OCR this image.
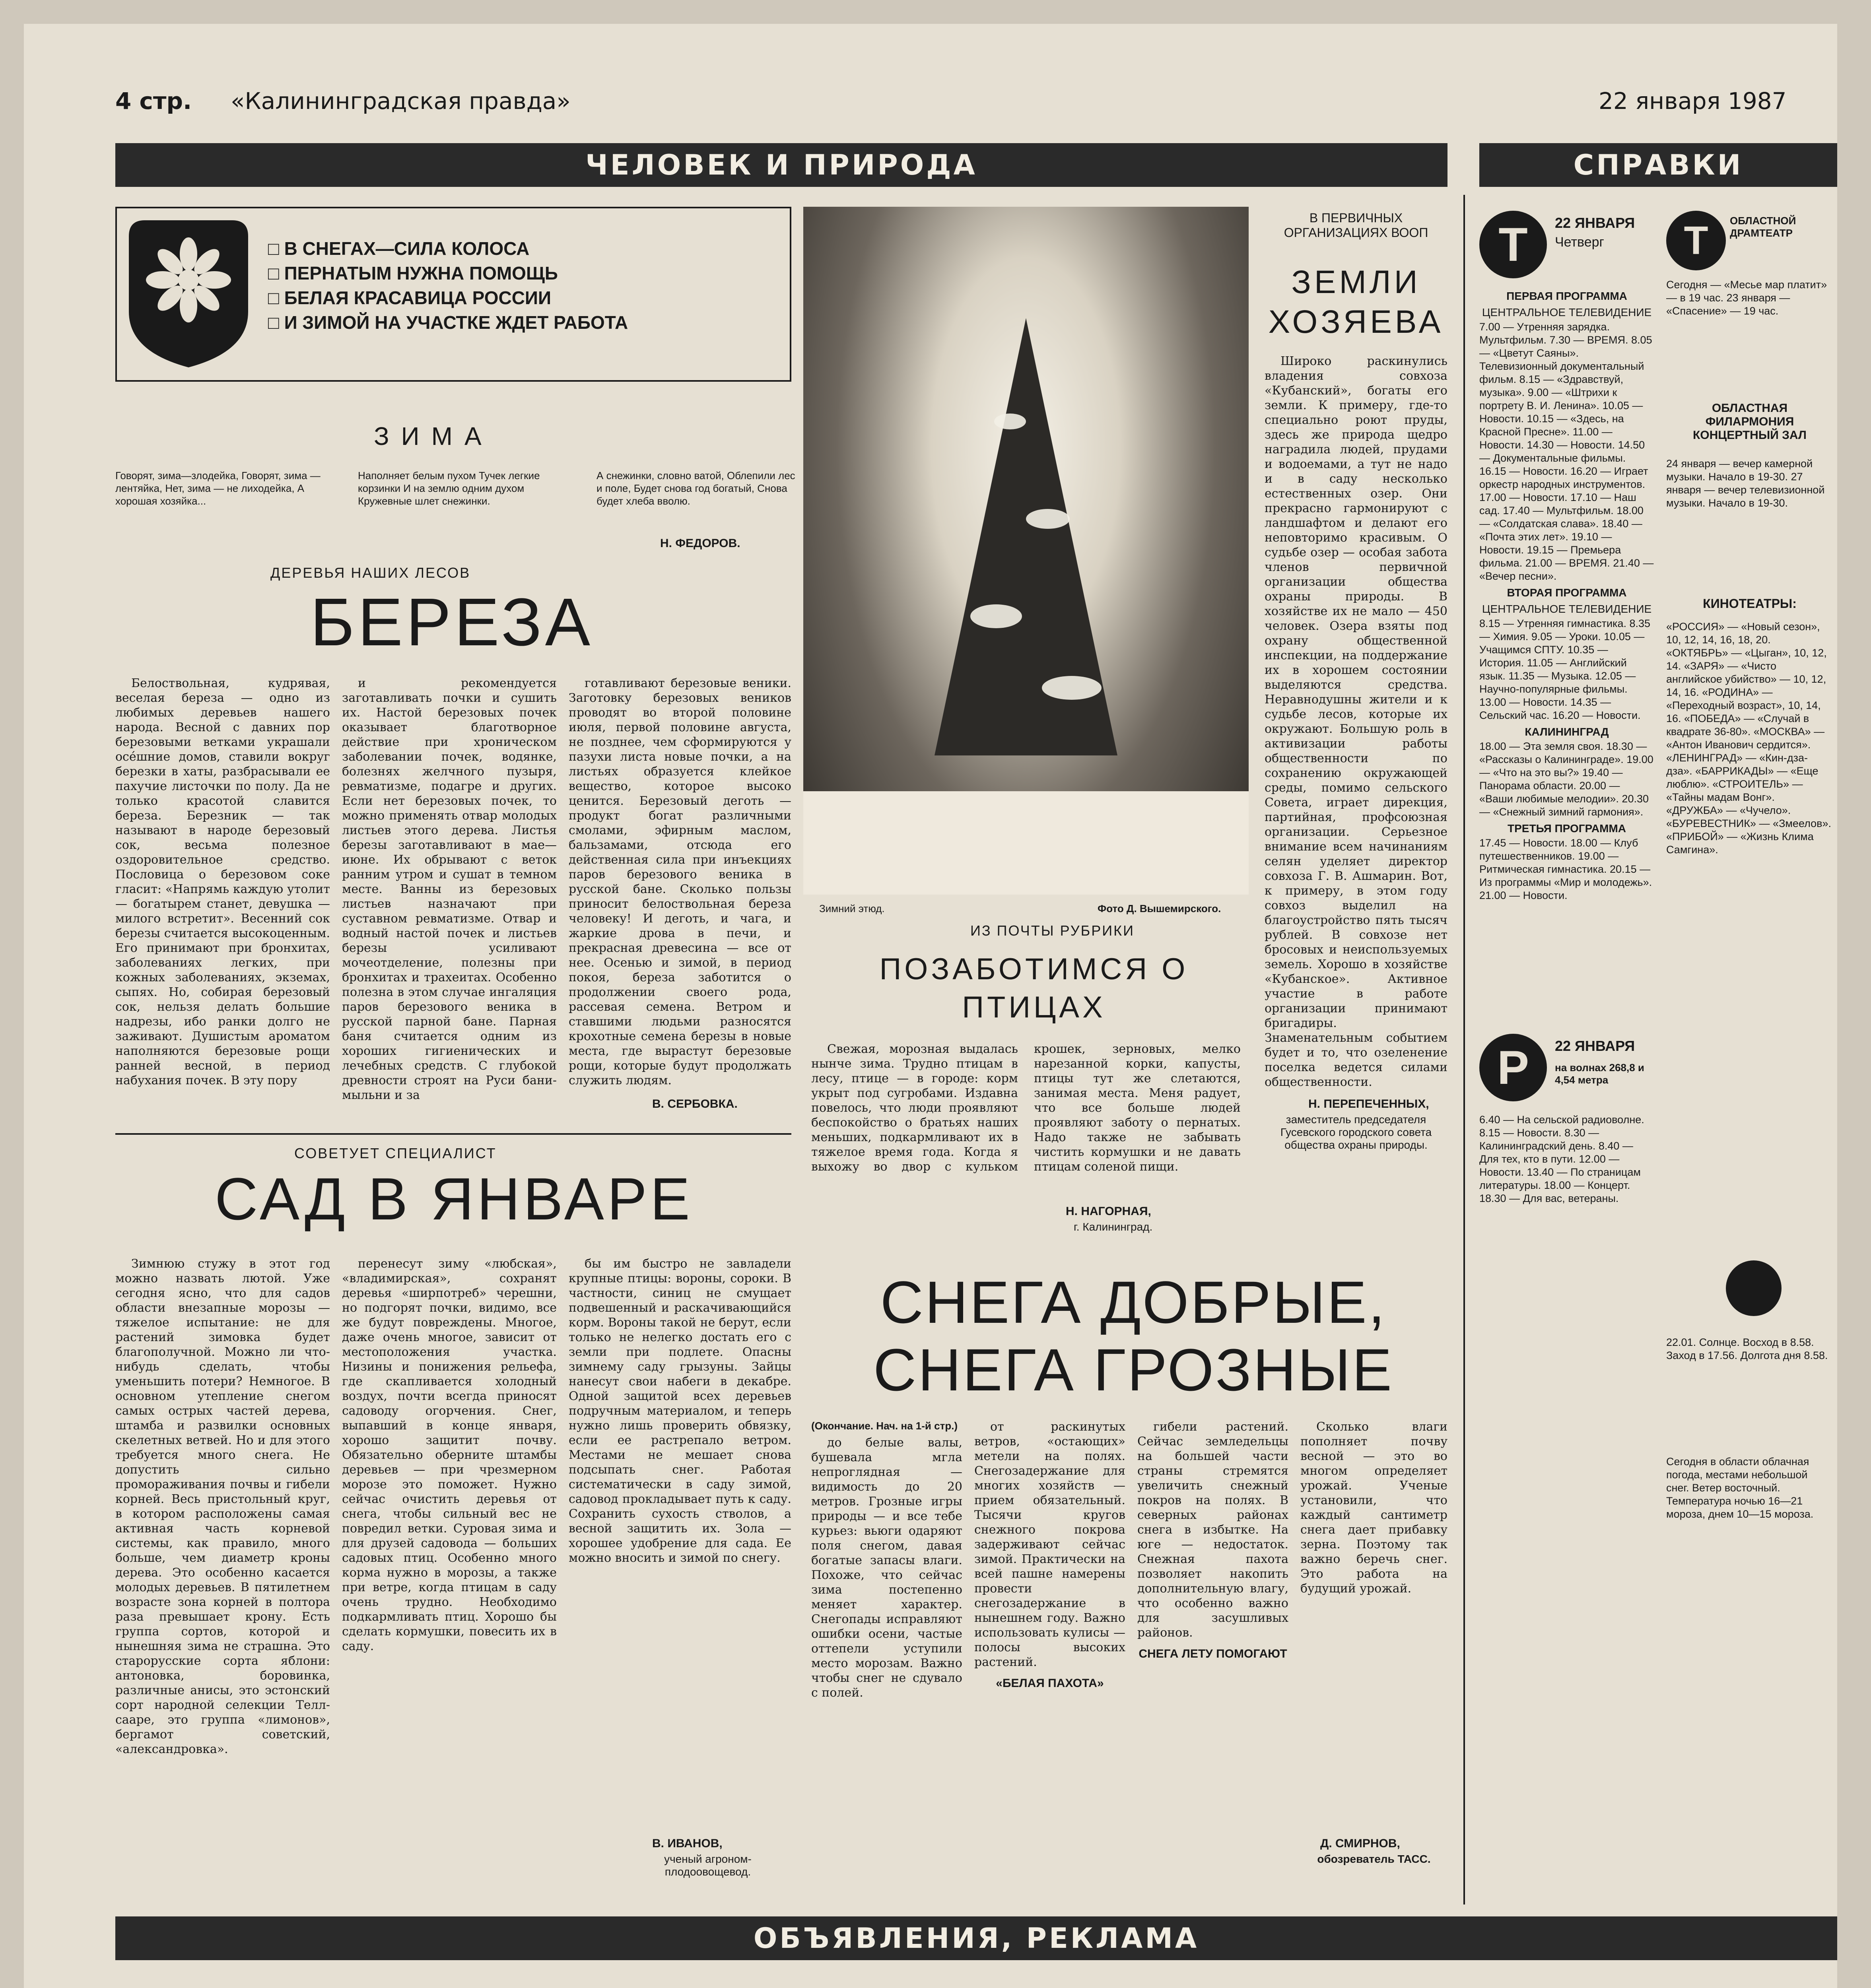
4 стр. «Калининградская правда»	22 января 1987
ЧЕЛОВЕК И ПРИРОДА	СПРАВКИ
□ В СНЕГАХ—СИЛА КОЛОСА
□ ПЕРНАТЫМ НУЖНА ПОМОЩЬ
□ БЕЛАЯ КРАСАВИЦА РОССИИ
□ И ЗИМОЙ НА УЧАСТКЕ ЖДЕТ РАБОТА
ЗИМА
Говорят, зима—злодейка, Говорят, зима — лентяйка, Нет, зима — не лиходейка, А хорошая хозяйка...
Наполняет белым пухом Тучек легкие корзинки И на землю одним духом Кружевные шлет снежинки.
А снежинки, словно ватой, Облепили лес и поле, Будет снова год богатый, Снова будет хлеба вволю.
Н. ФЕДОРОВ.
ДЕРЕВЬЯ НАШИХ ЛЕСОВ
БЕРЕЗА

Белоствольная, кудрявая, веселая береза — одно из любимых деревьев нашего народа. Весной с давних пор березовыми ветками украшали océшние домов, ставили вокруг березки в хаты, разбрасывали ее пахучие листочки по полу. Да не только красотой славится береза. Березник — так называют в народе березовый сок, весьма полезное оздоровительное средство. Пословица о березовом соке гласит: «Напрямь каждую утолит — богатырем станет, девушка — милого встретит». Весенний сок березы считается высокоценным. Его принимают при бронхитах, заболеваниях легких, при кожных заболеваниях, экземах, сыпях. Но, собирая березовый сок, нельзя делать большие надрезы, ибо ранки долго не заживают. Душистым ароматом наполняются березовые рощи ранней весной, в период набухания почек. В эту пору

и рекомендуется заготавливать почки и сушить их. Настой березовых почек оказывает благотворное действие при хроническом заболевании почек, водянке, болезнях желчного пузыря, ревматизме, подагре и других. Если нет березовых почек, то можно применять отвар молодых листьев этого дерева. Листья березы заготавливают в мае—июне. Их обрывают с веток ранним утром и сушат в темном месте. Ванны из березовых листьев назначают при суставном ревматизме. Отвар и водный настой почек и листьев березы усиливают мочеотделение, полезны при бронхитах и трахеитах. Особенно полезна в этом случае ингаляция паров березового веника в русской парной бане. Парная баня считается одним из хороших гигиенических и лечебных средств. С глубокой древности строят на Руси бани-мыльни и за

готавливают березовые веники. Заготовку березовых веников проводят во второй половине июля, первой половине августа, не позднее, чем сформируются у пазухи листа новые почки, а на листьях образуется клейкое вещество, которое высоко ценится. Березовый деготь — продукт богат различными смолами, эфирным маслом, бальзамами, отсюда его действенная сила при инъекциях паров березового веника в русской бане. Сколько пользы приносит белоствольная береза человеку! И деготь, и чага, и жаркие дрова в печи, и прекрасная древесина — все от нее. Осенью и зимой, в период покоя, береза заботится о продолжении своего рода, рассевая семена. Ветром и ставшими людьми разносятся крохотные семена березы в новые места, где вырастут березовые рощи, которые будут продолжать служить людям.

В. СЕРБОВКА.
СОВЕТУЕТ СПЕЦИАЛИСТ
САД В ЯНВАРЕ

Зимнюю стужу в этот год можно назвать лютой. Уже сегодня ясно, что для садов области внезапные морозы — тяжелое испытание: не для растений зимовка будет благополучной. Можно ли что-нибудь сделать, чтобы уменьшить потери? Немногое. В основном утепление снегом самых острых частей дерева, штамба и развилки основных скелетных ветвей. Но и для этого требуется много снега. Не допустить сильно промораживания почвы и гибели корней. Весь пристольный круг, в котором расположены самая активная часть корневой системы, как правило, много больше, чем диаметр кроны дерева. Это особенно касается молодых деревьев. В пятилетнем возрасте зона корней в полтора раза превышает крону. Есть группа сортов, которой и нынешняя зима не страшна. Это старорусские сорта яблони: антоновка, боровинка, различные анисы, это эстонский сорт народной селекции Телл-сааре, это группа «лимонов», бергамот советский, «александровка».

перенесут зиму «любская», «владимирская», сохранят деревья «ширпотреб» черешни, но подгорят почки, видимо, все же будут повреждены. Многое, даже очень многое, зависит от местоположения участка. Низины и понижения рельефа, где скапливается холодный воздух, почти всегда приносят садоводу огорчения. Снег, выпавший в конце января, хорошо защитит почву. Обязательно оберните штамбы деревьев — при чрезмерном морозе это поможет. Нужно сейчас очистить деревья от снега, чтобы сильный вес не повредил ветки. Суровая зима и для друзей садовода — больших садовых птиц. Особенно много корма нужно в морозы, а также при ветре, когда птицам в саду очень трудно. Необходимо подкармливать птиц. Хорошо бы сделать кормушки, повесить их в саду.

бы им быстро не завладели крупные птицы: вороны, сороки. В частности, синиц не смущает подвешенный и раскачивающийся корм. Вороны такой не берут, если только не нелегко достать его с земли при подлете. Опасны зимнему саду грызуны. Зайцы нанесут свои набеги в декабре. Одной защитой всех деревьев подручным материалом, и теперь нужно лишь проверить обвязку, если ее растрепало ветром. Местами не мешает снова подсыпать снег. Работая систематически в саду зимой, садовод прокладывает путь к саду. Сохранить сухость стволов, а весной защитить их. Зола — хорошее удобрение для сада. Ее можно вносить и зимой по снегу.

В. ИВАНОВ,
ученый агроном-плодоовощевод.
Зимний этюд.	Фото Д. Вышемирского.
В ПЕРВИЧНЫХ ОРГАНИЗАЦИЯХ ВООП
ЗЕМЛИ ХОЗЯЕВА

Широко раскинулись владения совхоза «Кубанский», богаты его земли. К примеру, где-то специально роют пруды, здесь же природа щедро наградила людей, прудами и водоемами, а тут не надо и в саду несколько естественных озер. Они прекрасно гармонируют с ландшафтом и делают его неповторимо красивым. О судьбе озер — особая забота членов первичной организации общества охраны природы. В хозяйстве их не мало — 450 человек. Озера взяты под охрану общественной инспекции, на поддержание их в хорошем состоянии выделяются средства. Неравнодушны жители и к судьбе лесов, которые их окружают. Большую роль в активизации работы общественности по сохранению окружающей среды, помимо сельского Совета, играет дирекция, партийная, профсоюзная организации. Серьезное внимание всем начинаниям селян уделяет директор совхоза Г. В. Ашмарин. Вот, к примеру, в этом году совхоз выделил на благоустройство пять тысяч рублей. В совхозе нет бросовых и неиспользуемых земель. Хорошо в хозяйстве «Кубанское». Активное участие в работе организации принимают бригадиры. Знаменательным событием будет и то, что озеленение поселка ведется силами общественности.

Н. ПЕРЕПЕЧЕННЫХ,
заместитель председателя Гусевского городского совета общества охраны природы.
ИЗ ПОЧТЫ РУБРИКИ
ПОЗАБОТИМСЯ О ПТИЦАХ

Свежая, морозная выдалась нынче зима. Трудно птицам в лесу, птице — в городе: корм укрыт под сугробами. Издавна повелось, что люди проявляют беспокойство о братьях наших меньших, подкармливают их в тяжелое время года. Когда я выхожу во двор с кульком крошек, зерновых, мелко нарезанной корки, капусты, птицы тут же слетаются, занимая места. Меня радует, что все больше людей проявляют заботу о пернатых. Надо также не забывать чистить кормушки и не давать птицам соленой пищи.

Н. НАГОРНАЯ,
г. Калининград.
СНЕГА ДОБРЫЕ, СНЕГА ГРОЗНЫЕ
(Окончание. Нач. на 1-й стр.)

до белые валы, бушевала мгла непроглядная — видимость до 20 метров. Грозные игры природы — и все тебе курьез: вьюги одаряют поля снегом, давая богатые запасы влаги. Похоже, что сейчас зима постепенно меняет характер. Снегопады исправляют ошибки осени, частые оттепели уступили место морозам. Важно чтобы снег не сдувало с полей.

от раскинутых ветров, «остающих» метели на полях. Снегозадержание для многих хозяйств — прием обязательный. Тысячи кругов снежного покрова задерживают сейчас зимой. Практически на всей пашне намерены провести снегозадержание в нынешнем году. Важно использовать кулисы — полосы высоких растений.

«БЕЛАЯ ПАХОТА»

гибели растений. Сейчас земледельцы на большей части страны стремятся увеличить снежный покров на полях. В северных районах снега в избытке. На юге — недостаток. Снежная пахота позволяет накопить дополнительную влагу, что особенно важно для засушливых районов.

СНЕГА ЛЕТУ ПОМОГАЮТ

Сколько влаги пополняет почву весной — это во многом определяет урожай. Ученые установили, что каждый сантиметр снега дает прибавку зерна. Поэтому так важно беречь снег. Это работа на будущий урожай.

Д. СМИРНОВ,
обозреватель ТАСС.
Т	22 ЯНВАРЯ
Четверг
ПЕРВАЯ ПРОГРАММА
ЦЕНТРАЛЬНОЕ ТЕЛЕВИДЕНИЕ
7.00 — Утренняя зарядка. Мультфильм. 7.30 — ВРЕМЯ. 8.05 — «Цветут Саяны». Телевизионный документальный фильм. 8.15 — «Здравствуй, музыка». 9.00 — «Штрихи к портрету В. И. Ленина». 10.05 — Новости. 10.15 — «Здесь, на Красной Пресне». 11.00 — Новости. 14.30 — Новости. 14.50 — Документальные фильмы. 16.15 — Новости. 16.20 — Играет оркестр народных инструментов. 17.00 — Новости. 17.10 — Наш сад. 17.40 — Мультфильм. 18.00 — «Солдатская слава». 18.40 — «Почта этих лет». 19.10 — Новости. 19.15 — Премьера фильма. 21.00 — ВРЕМЯ. 21.40 — «Вечер песни».
ВТОРАЯ ПРОГРАММА
ЦЕНТРАЛЬНОЕ ТЕЛЕВИДЕНИЕ
8.15 — Утренняя гимнастика. 8.35 — Химия. 9.05 — Уроки. 10.05 — Учащимся СПТУ. 10.35 — История. 11.05 — Английский язык. 11.35 — Музыка. 12.05 — Научно-популярные фильмы. 13.00 — Новости. 14.35 — Сельский час. 16.20 — Новости.
КАЛИНИНГРАД
18.00 — Эта земля своя. 18.30 — «Рассказы о Калининграде». 19.00 — «Что на это вы?» 19.40 — Панорама области. 20.00 — «Ваши любимые мелодии». 20.30 — «Снежный зимний гармония».
ТРЕТЬЯ ПРОГРАММА
17.45 — Новости. 18.00 — Клуб путешественников. 19.00 — Ритмическая гимнастика. 20.15 — Из программы «Мир и молодежь». 21.00 — Новости.
Р	22 ЯНВАРЯ
на волнах 268,8 и 4,54 метра
6.40 — На сельской радиоволне. 8.15 — Новости. 8.30 — Калининградский день. 8.40 — Для тех, кто в пути. 12.00 — Новости. 13.40 — По страницам литературы. 18.00 — Концерт. 18.30 — Для вас, ветераны.
Т	ОБЛАСТНОЙ ДРАМТЕАТР
Сегодня — «Месье мар платит» — в 19 час. 23 января — «Спасение» — 19 час.
ОБЛАСТНАЯ ФИЛАРМОНИЯ КОНЦЕРТНЫЙ ЗАЛ
24 января — вечер камерной музыки. Начало в 19-30. 27 января — вечер телевизионной музыки. Начало в 19-30.
КИНОТЕАТРЫ:
«РОССИЯ» — «Новый сезон», 10, 12, 14, 16, 18, 20. «ОКТЯБРЬ» — «Цыган», 10, 12, 14. «ЗАРЯ» — «Чисто английское убийство» — 10, 12, 14, 16. «РОДИНА» — «Переходный возраст», 10, 14, 16. «ПОБЕДА» — «Случай в квадрате 36-80». «МОСКВА» — «Антон Иванович сердится». «ЛЕНИНГРАД» — «Кин-дза-дза». «БАРРИКАДЫ» — «Еще люблю». «СТРОИТЕЛЬ» — «Тайны мадам Вонг». «ДРУЖБА» — «Чучело». «БУРЕВЕСТНИК» — «Змеелов». «ПРИБОЙ» — «Жизнь Клима Самгина».
22.01. Солнце. Восход в 8.58. Заход в 17.56. Долгота дня 8.58.
Сегодня в области облачная погода, местами небольшой снег. Ветер восточный. Температура ночью 16—21 мороза, днем 10—15 мороза.
ОБЪЯВЛЕНИЯ, РЕКЛАМА
